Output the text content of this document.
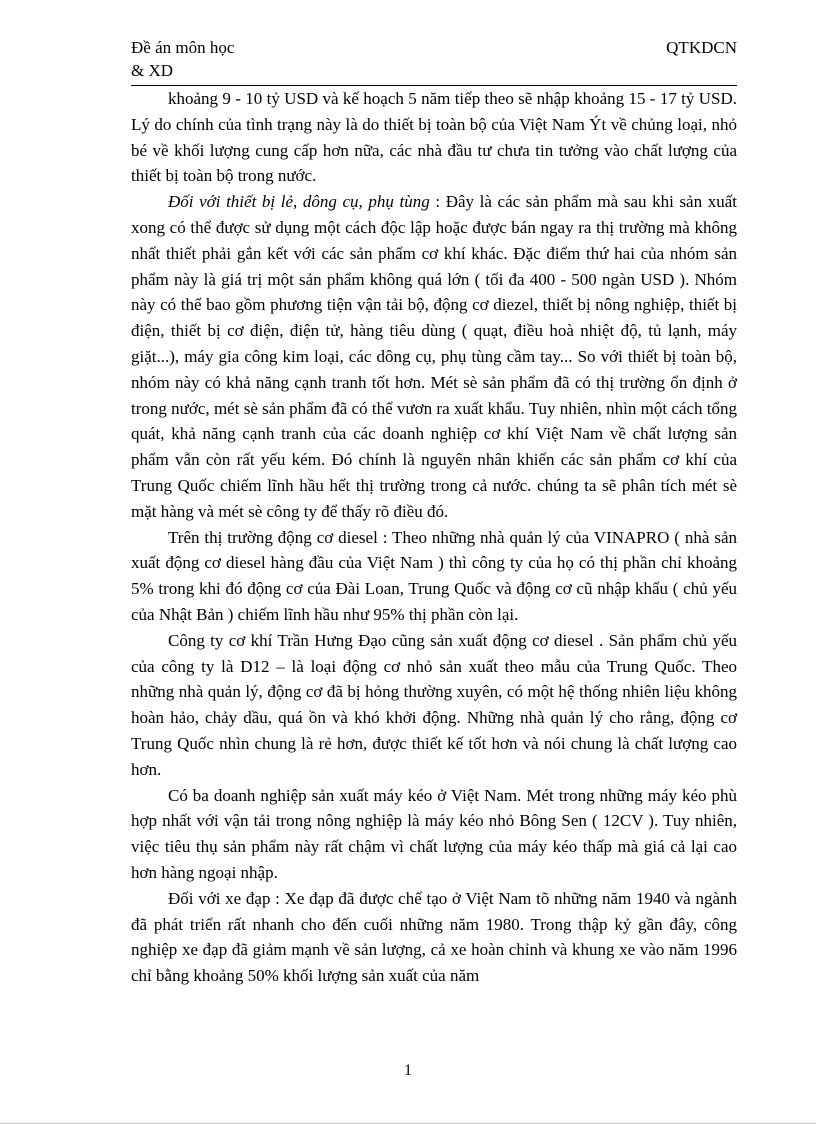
Đề án môn học	QTKDCN
& XD

khoảng 9 - 10 tỷ USD và kế hoạch 5 năm tiếp theo sẽ nhập khoảng 15 - 17 tỷ USD. Lý do chính của tình trạng này là do thiết bị toàn bộ của Việt Nam Ýt về chủng loại, nhỏ bé về khối lượng cung cấp hơn nữa, các nhà đầu tư chưa tin tưởng vào chất lượng của thiết bị toàn bộ trong nước.

Đối với thiết bị lẻ, dông cụ, phụ tùng : Đây là các sản phẩm mà sau khi sản xuất xong có thể được sử dụng một cách độc lập hoặc được bán ngay ra thị trường mà không nhất thiết phải gắn kết với các sản phẩm cơ khí khác. Đặc điểm thứ hai của nhóm sản phẩm này là giá trị một sản phẩm không quá lớn ( tối đa 400 - 500 ngàn USD ). Nhóm này có thể bao gồm phương tiện vận tải bộ, động cơ diezel, thiết bị nông nghiệp, thiết bị điện, thiết bị cơ điện, điện tử, hàng tiêu dùng ( quạt, điều hoà nhiệt độ, tủ lạnh, máy giặt...), máy gia công kim loại, các dông cụ, phụ tùng cầm tay... So với thiết bị toàn bộ, nhóm này có khả năng cạnh tranh tốt hơn. Mét sè sản phẩm đã có thị trường ổn định ở trong nước, mét sè sản phẩm đã có thể vươn ra xuất khẩu. Tuy nhiên, nhìn một cách tổng quát, khả năng cạnh tranh của các doanh nghiệp cơ khí Việt Nam về chất lượng sản phẩm vẫn còn rất yếu kém. Đó chính là nguyên nhân khiến các sản phẩm cơ khí của Trung Quốc chiếm lĩnh hầu hết thị trường trong cả nước. chúng ta sẽ phân tích mét sè mặt hàng và mét sè công ty để thấy rõ điều đó.

Trên thị trường động cơ diesel : Theo những nhà quản lý của VINAPRO ( nhà sản xuất động cơ diesel hàng đầu của Việt Nam ) thì công ty của họ có thị phần chỉ khoảng 5% trong khi đó động cơ của Đài Loan, Trung Quốc và động cơ cũ nhập khẩu ( chủ yếu của Nhật Bản ) chiếm lĩnh hầu như 95% thị phần còn lại.

Công ty cơ khí Trần Hưng Đạo cũng sản xuất động cơ diesel . Sản phẩm chủ yếu của công ty là D12 – là loại động cơ nhỏ sản xuất theo mẫu của Trung Quốc. Theo những nhà quản lý, động cơ đã bị hỏng thường xuyên, có một hệ thống nhiên liệu không hoàn hảo, chảy dầu, quá ồn và khó khởi động. Những nhà quản lý cho rằng, động cơ Trung Quốc nhìn chung là rẻ hơn, được thiết kế tốt hơn và nói chung là chất lượng cao hơn.

Có ba doanh nghiệp sản xuất máy kéo ở Việt Nam. Mét trong những máy kéo phù hợp nhất với vận tải trong nông nghiệp là máy kéo nhỏ Bông Sen ( 12CV ). Tuy nhiên, việc tiêu thụ sản phẩm này rất chậm vì chất lượng của máy kéo thấp mà giá cả lại cao hơn hàng ngoại nhập.

Đối với xe đạp : Xe đạp đã được chế tạo ở Việt Nam tõ những năm 1940 và ngành đã phát triển rất nhanh cho đến cuối những năm 1980. Trong thập kỷ gần đây, công nghiệp xe đạp đã giảm mạnh về sản lượng, cả xe hoàn chỉnh và khung xe vào năm 1996 chỉ bằng khoảng 50% khối lượng sản xuất của năm

1
